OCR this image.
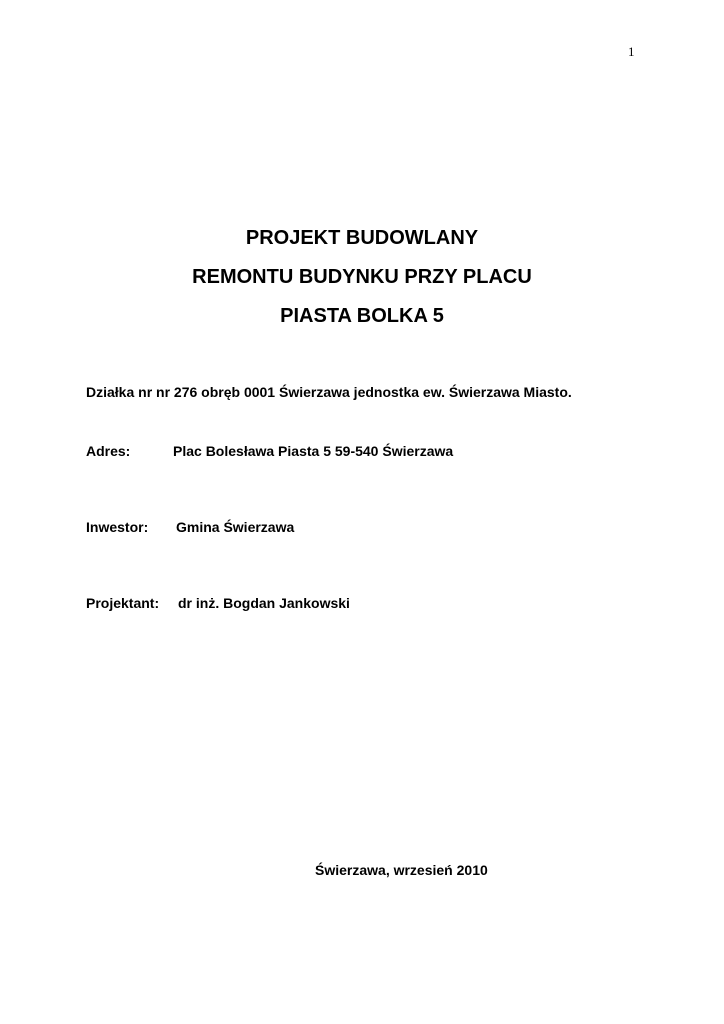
1
PROJEKT BUDOWLANY
REMONTU BUDYNKU PRZY PLACU
PIASTA BOLKA 5
Działka nr nr 276 obręb 0001 Świerzawa jednostka ew. Świerzawa Miasto.
Adres:	Plac Bolesława Piasta 5 59-540 Świerzawa
Inwestor: Gmina Świerzawa
Projektant: dr inż. Bogdan Jankowski
Świerzawa, wrzesień 2010
